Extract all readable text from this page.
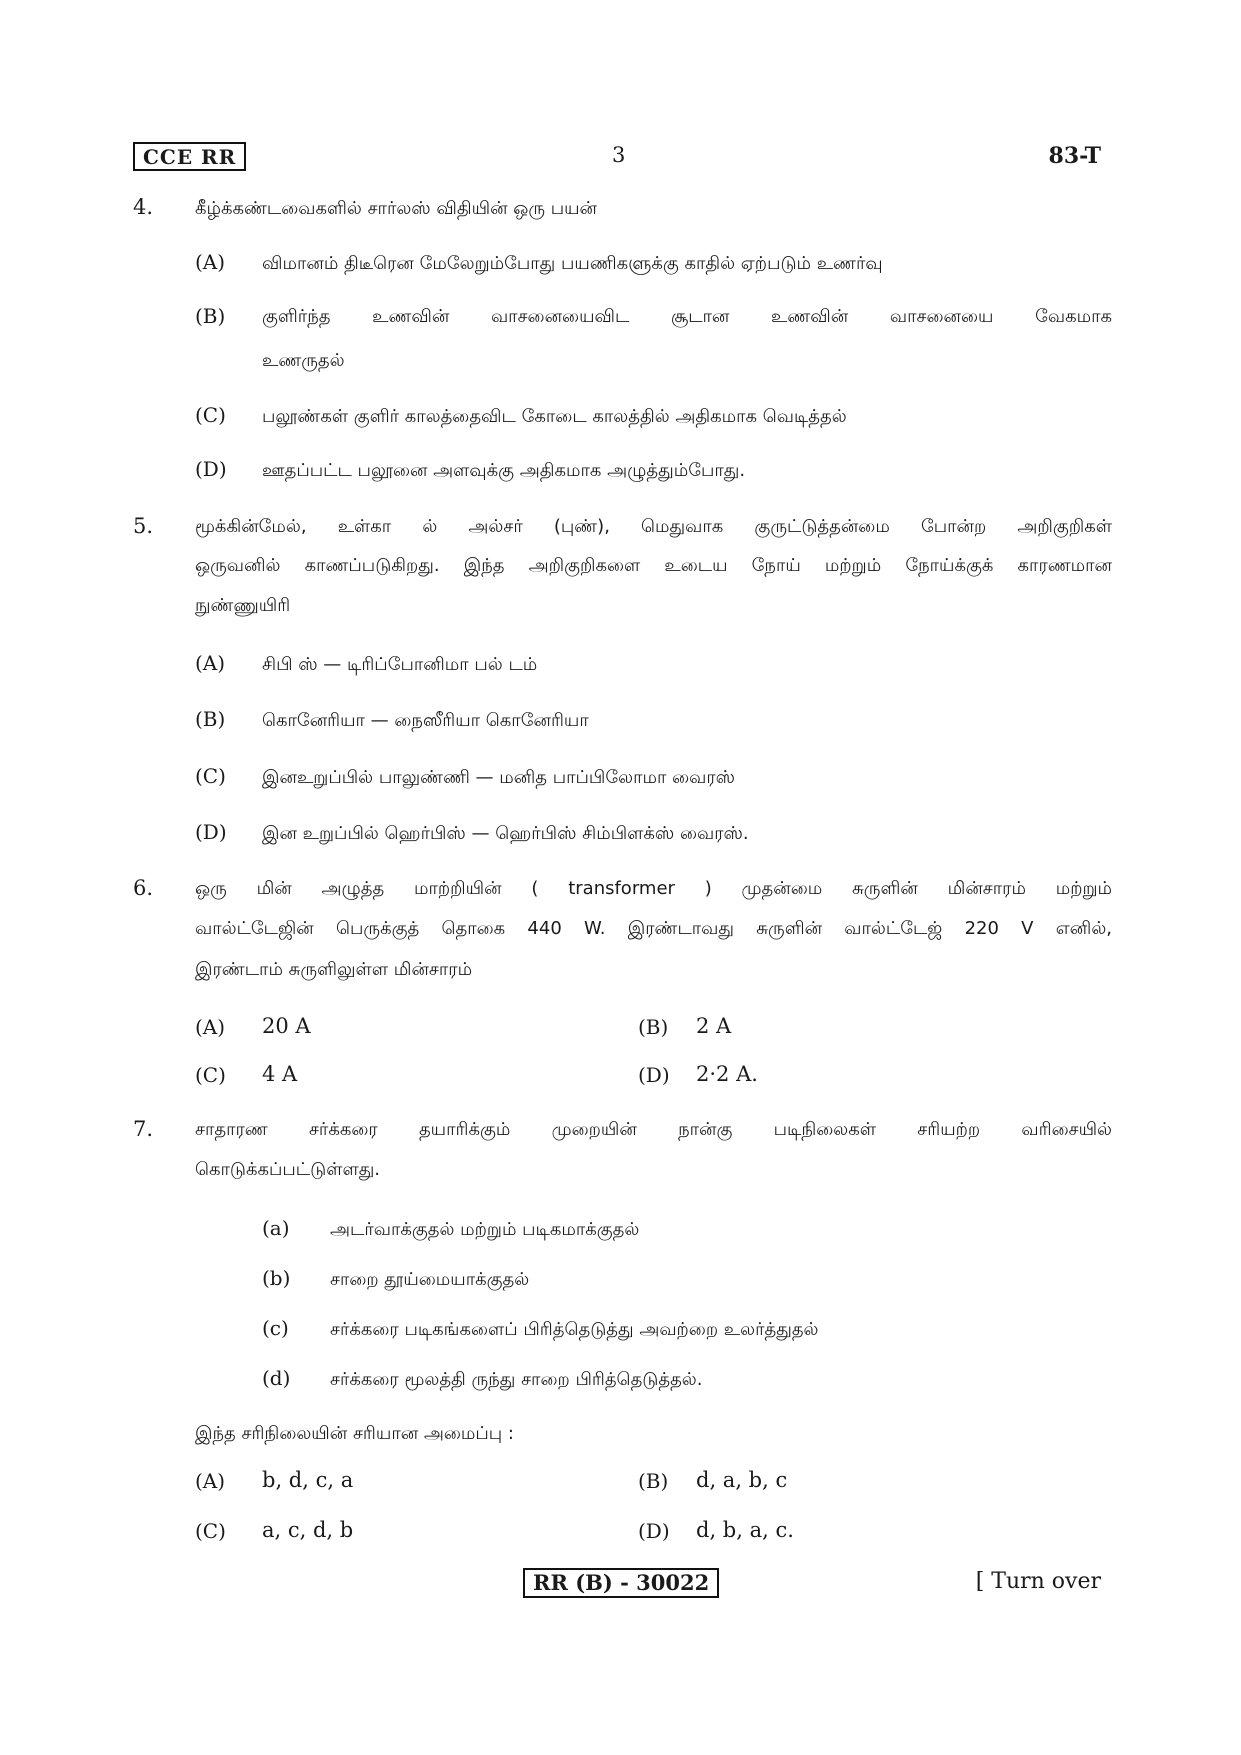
CCE RR	3	83-T
4. கீழ்க்கண்டவைகளில் சார்லஸ் விதியின் ஒரு பயன்
(A) விமானம் திடீரென மேலேறும்போது பயணிகளுக்கு காதில் ஏற்படும் உணர்வு
(B) குளிர்ந்த உணவின் வாசனையைவிட சூடான உணவின் வாசனையை வேகமாக
உணருதல்
(C) பலூண்கள் குளிர் காலத்தைவிட கோடை காலத்தில் அதிகமாக வெடித்தல்
(D) ஊதப்பட்ட பலூனை அளவுக்கு அதிகமாக அழுத்தும்போது.
5. மூக்கின்மேல், உள்கா ல் அல்சர் (புண்), மெதுவாக குருட்டுத்தன்மை போன்ற அறிகுறிகள்
ஒருவனில் காணப்படுகிறது. இந்த அறிகுறிகளை உடைய நோய் மற்றும் நோய்க்குக் காரணமான
நுண்ணுயிரி
(A) சிபி ஸ் — டிரிப்போனிமா பல் டம்
(B) கொனேரியா — நைஸீரியா கொனேரியா
(C) இனஉறுப்பில் பாலுண்ணி — மனித பாப்பிலோமா வைரஸ்
(D) இன உறுப்பில் ஹெர்பிஸ் — ஹெர்பிஸ் சிம்பிளக்ஸ் வைரஸ்.
6. ஒரு மின் அழுத்த மாற்றியின் ( transformer ) முதன்மை சுருளின் மின்சாரம் மற்றும்
வால்ட்டேஜின் பெருக்குத் தொகை 440 W. இரண்டாவது சுருளின் வால்ட்டேஜ் 220 V எனில்,
இரண்டாம் சுருளிலுள்ள மின்சாரம்
(A) 20 A	(B) 2 A
(C) 4 A	(D) 2·2 A.
7. சாதாரண சர்க்கரை தயாரிக்கும் முறையின் நான்கு படிநிலைகள் சரியற்ற வரிசையில்
கொடுக்கப்பட்டுள்ளது.
(a) அடர்வாக்குதல் மற்றும் படிகமாக்குதல்
(b) சாறை தூய்மையாக்குதல்
(c) சர்க்கரை படிகங்களைப் பிரித்தெடுத்து அவற்றை உலர்த்துதல்
(d) சர்க்கரை மூலத்தி ருந்து சாறை பிரித்தெடுத்தல்.
இந்த சரிநிலையின் சரியான அமைப்பு :
(A) b, d, c, a	(B) d, a, b, c
(C) a, c, d, b	(D) d, b, a, c.
RR (B) - 30022	[ Turn over
